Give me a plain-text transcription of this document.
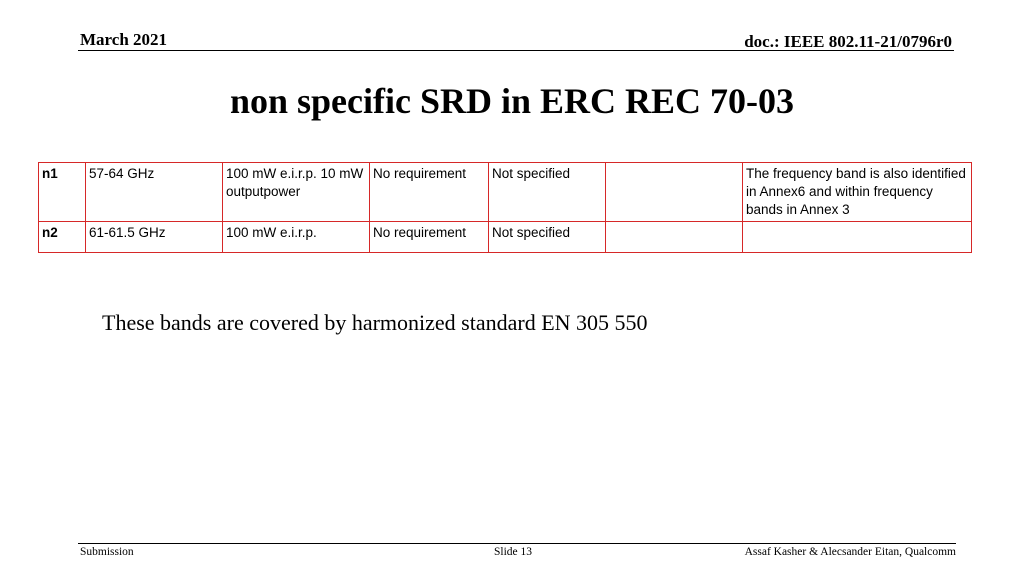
March 2021	doc.: IEEE 802.11-21/0796r0
non specific SRD in ERC REC 70-03
n1	57-64 GHz	100 mW e.i.r.p. 10 mW outputpower	No requirement	Not specified		The frequency band is also identified in Annex6 and within frequency bands in Annex 3
n2	61-61.5 GHz	100 mW e.i.r.p.	No requirement	Not specified		
These bands are covered by harmonized standard EN 305 550
Submission	Slide 13	Assaf Kasher & Alecsander Eitan, Qualcomm
